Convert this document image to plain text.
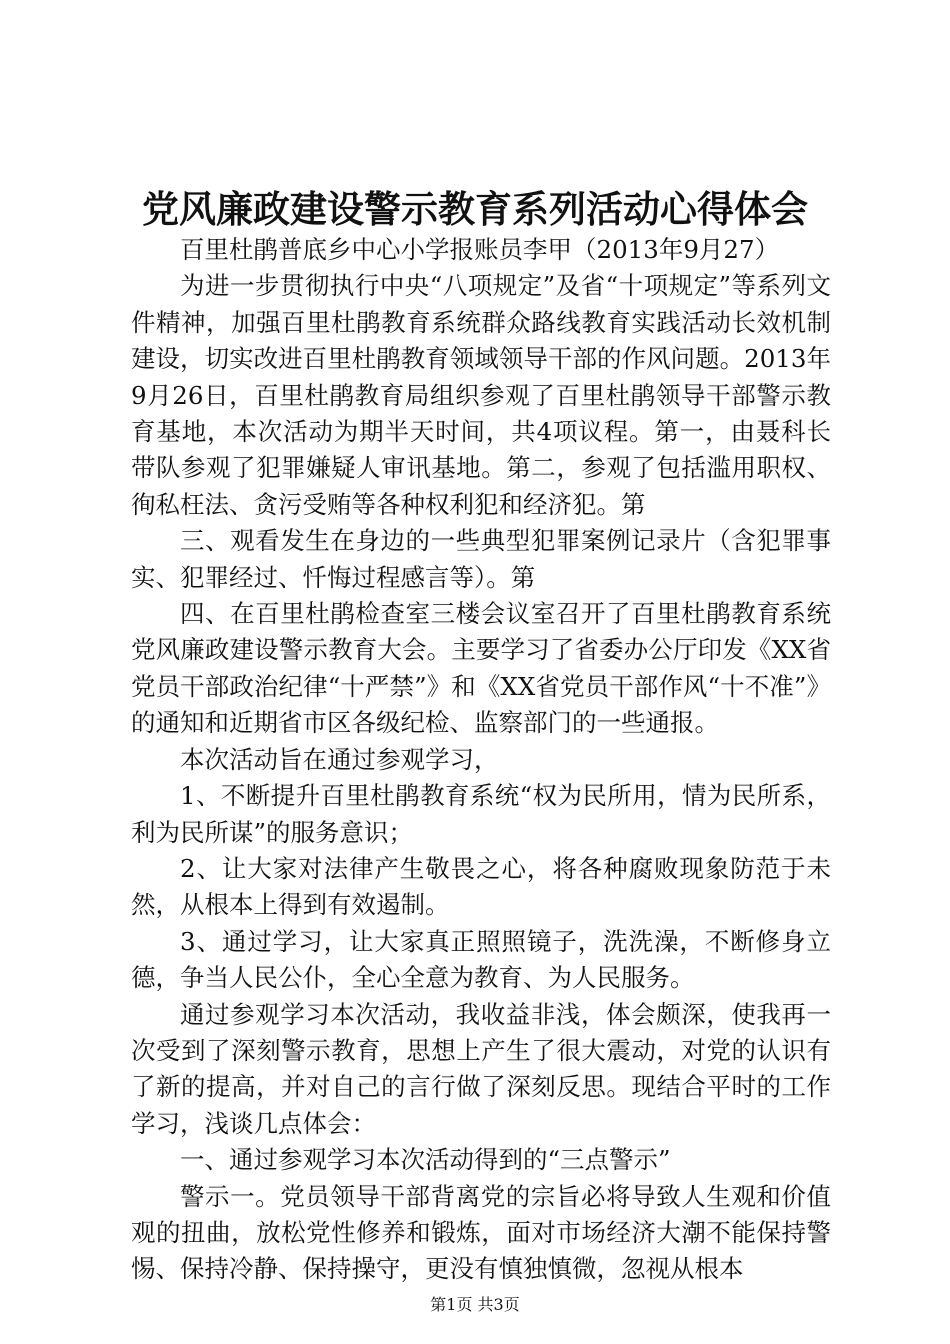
党风廉政建设警示教育系列活动心得体会

百里杜鹃普底乡中心小学报账员李甲（2013年9月27）

为进一步贯彻执行中央“八项规定”及省“十项规定”等系列文件精神，加强百里杜鹃教育系统群众路线教育实践活动长效机制建设，切实改进百里杜鹃教育领域领导干部的作风问题。2013年9月26日，百里杜鹃教育局组织参观了百里杜鹃领导干部警示教育基地，本次活动为期半天时间，共4项议程。第一，由聂科长带队参观了犯罪嫌疑人审讯基地。第二，参观了包括滥用职权、徇私枉法、贪污受贿等各种权利犯和经济犯。第

三、观看发生在身边的一些典型犯罪案例记录片（含犯罪事实、犯罪经过、忏悔过程感言等）。第

四、在百里杜鹃检查室三楼会议室召开了百里杜鹃教育系统党风廉政建设警示教育大会。主要学习了省委办公厅印发《XX省党员干部政治纪律“十严禁”》和《XX省党员干部作风“十不准”》的通知和近期省市区各级纪检、监察部门的一些通报。

本次活动旨在通过参观学习，

1、不断提升百里杜鹃教育系统“权为民所用，情为民所系，利为民所谋”的服务意识；

2、让大家对法律产生敬畏之心，将各种腐败现象防范于未然，从根本上得到有效遏制。

3、通过学习，让大家真正照照镜子，洗洗澡，不断修身立德，争当人民公仆，全心全意为教育、为人民服务。

通过参观学习本次活动，我收益非浅，体会颇深，使我再一次受到了深刻警示教育，思想上产生了很大震动，对党的认识有了新的提高，并对自己的言行做了深刻反思。现结合平时的工作学习，浅谈几点体会：

一、通过参观学习本次活动得到的“三点警示”

警示一。党员领导干部背离党的宗旨必将导致人生观和价值观的扭曲，放松党性修养和锻炼，面对市场经济大潮不能保持警惕、保持冷静、保持操守，更没有慎独慎微，忽视从根本

第1页 共3页
